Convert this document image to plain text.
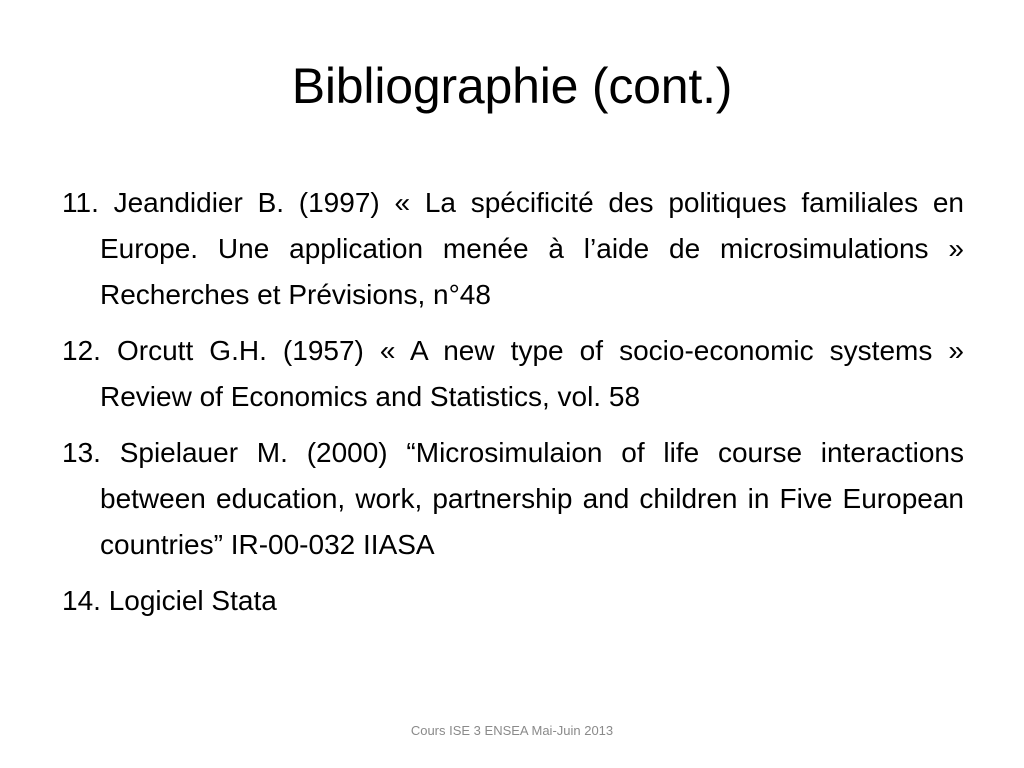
Bibliographie (cont.)
11. Jeandidier B. (1997) « La spécificité des politiques familiales en Europe. Une application menée à l’aide de microsimulations » Recherches et Prévisions, n°48
12. Orcutt G.H. (1957) « A new type of socio-economic systems » Review of Economics and Statistics, vol. 58
13. Spielauer M. (2000) “Microsimulaion of life course interactions between education, work, partnership and children in Five European countries” IR-00-032 IIASA
14. Logiciel Stata
Cours ISE 3 ENSEA Mai-Juin 2013
